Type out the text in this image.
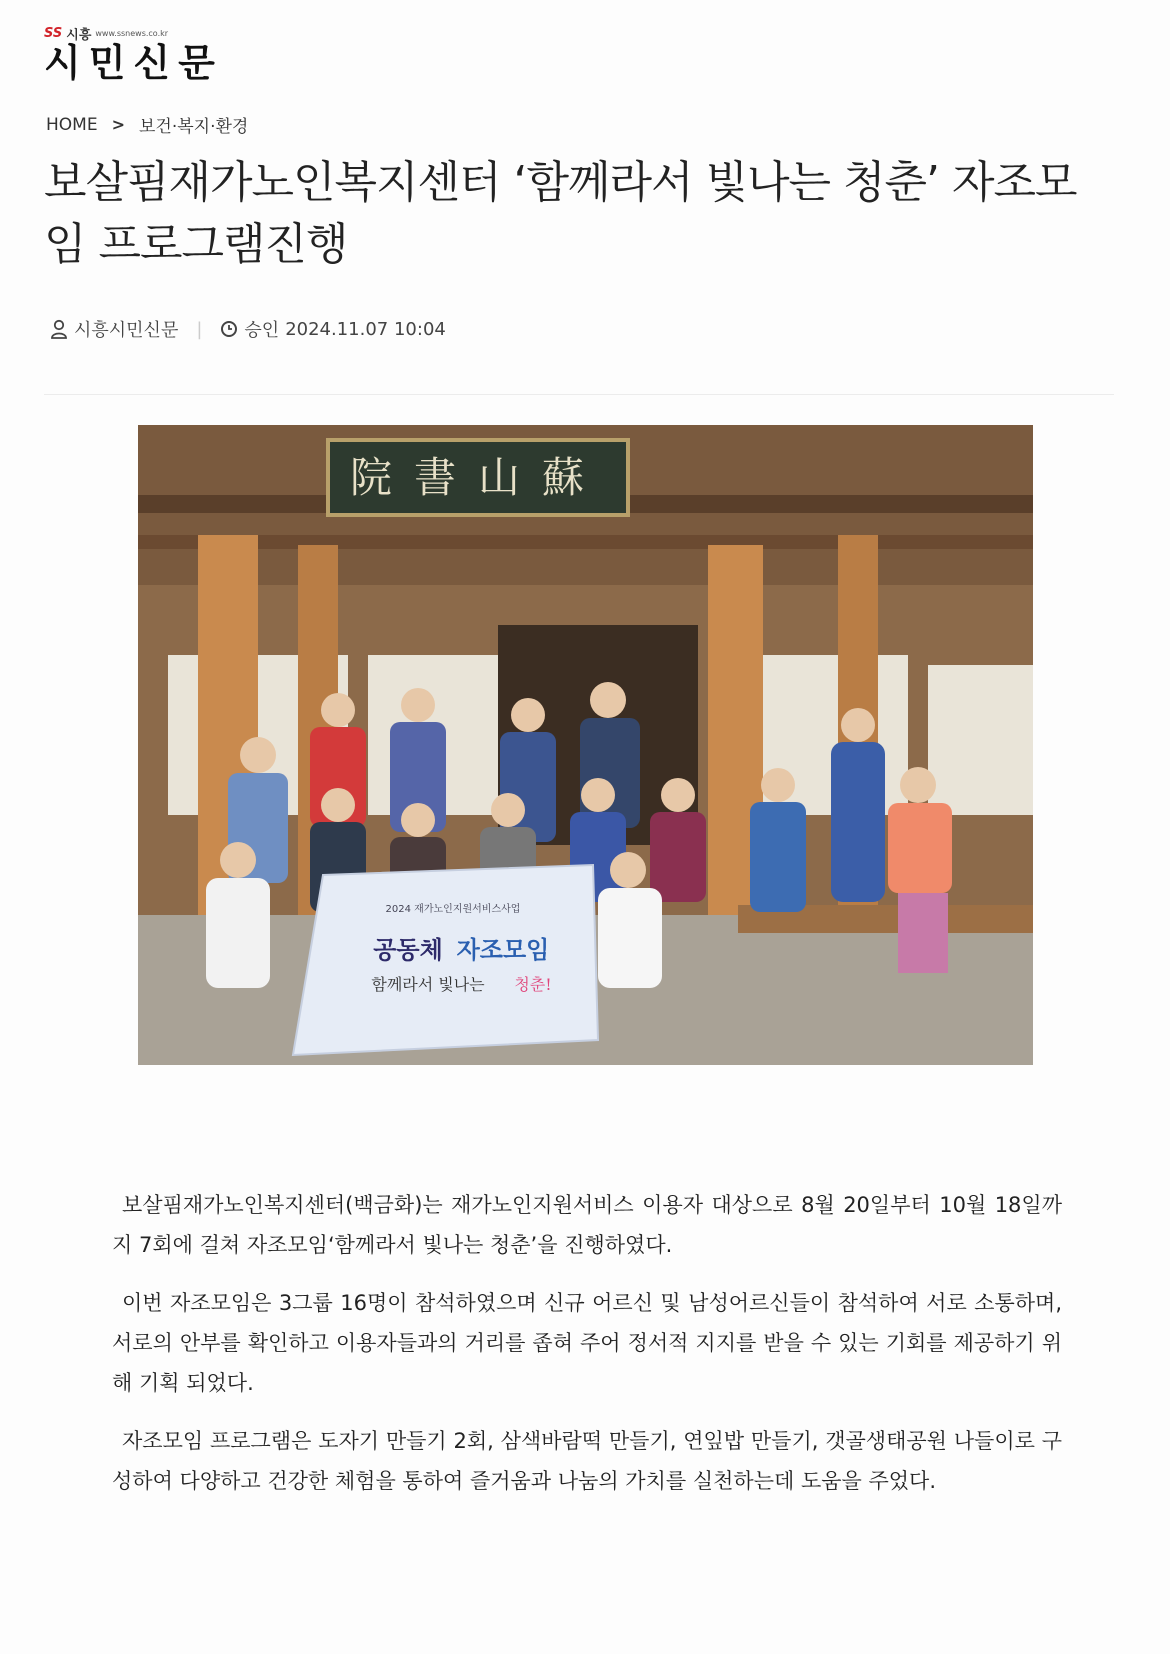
SS 시흥 www.ssnews.co.kr
시민신문
HOME > 보건·복지·환경
보살핌재가노인복지센터 ‘함께라서 빛나는 청춘’ 자조모임 프로그램진행
시흥시민신문 | 승인 2024.11.07 10:04
院書山蘇
2024 재가노인지원서비스사업
공동체 자조모임
함께라서 빛나는 청춘!

보살핌재가노인복지센터(백금화)는 재가노인지원서비스 이용자 대상으로 8월 20일부터 10월 18일까지 7회에 걸쳐 자조모임‘함께라서 빛나는 청춘’을 진행하였다.

이번 자조모임은 3그룹 16명이 참석하였으며 신규 어르신 및 남성어르신들이 참석하여 서로 소통하며, 서로의 안부를 확인하고 이용자들과의 거리를 좁혀 주어 정서적 지지를 받을 수 있는 기회를 제공하기 위해 기획 되었다.

자조모임 프로그램은 도자기 만들기 2회, 삼색바람떡 만들기, 연잎밥 만들기, 갯골생태공원 나들이로 구성하여 다양하고 건강한 체험을 통하여 즐거움과 나눔의 가치를 실천하는데 도움을 주었다.
